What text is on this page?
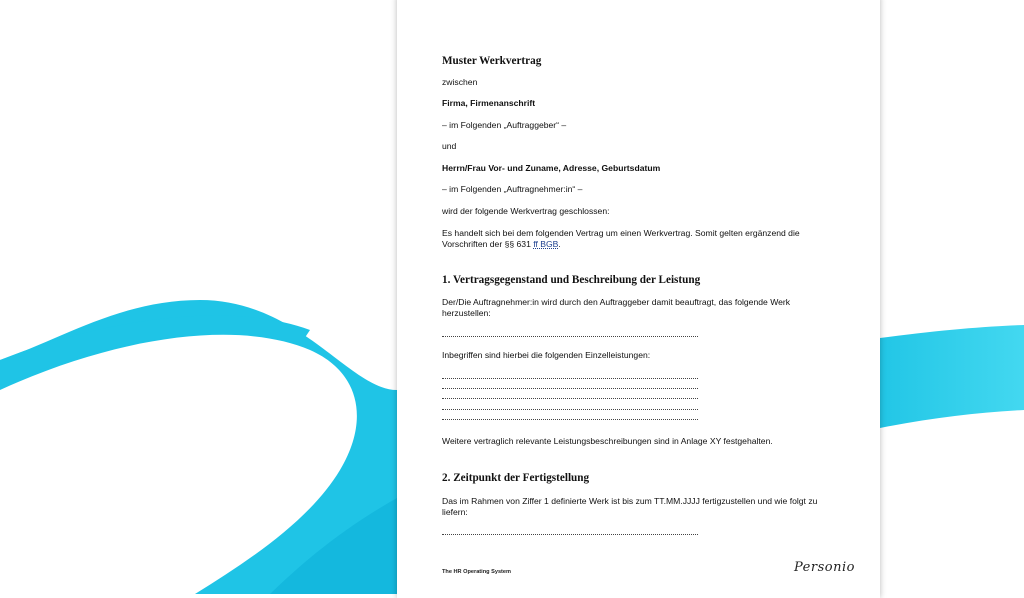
Muster Werkvertrag
zwischen
Firma, Firmenanschrift
– im Folgenden „Auftraggeber“ –
und
Herrn/Frau Vor- und Zuname, Adresse, Geburtsdatum
– im Folgenden „Auftragnehmer:in“ –
wird der folgende Werkvertrag geschlossen:
Es handelt sich bei dem folgenden Vertrag um einen Werkvertrag. Somit gelten ergänzend die
Vorschriften der §§ 631 ff BGB.
1. Vertragsgegenstand und Beschreibung der Leistung
Der/Die Auftragnehmer:in wird durch den Auftraggeber damit beauftragt, das folgende Werk
herzustellen:
Inbegriffen sind hierbei die folgenden Einzelleistungen:
Weitere vertraglich relevante Leistungsbeschreibungen sind in Anlage XY festgehalten.
2. Zeitpunkt der Fertigstellung
Das im Rahmen von Ziffer 1 definierte Werk ist bis zum TT.MM.JJJJ fertigzustellen und wie folgt zu
liefern:
The HR Operating System	Personio
